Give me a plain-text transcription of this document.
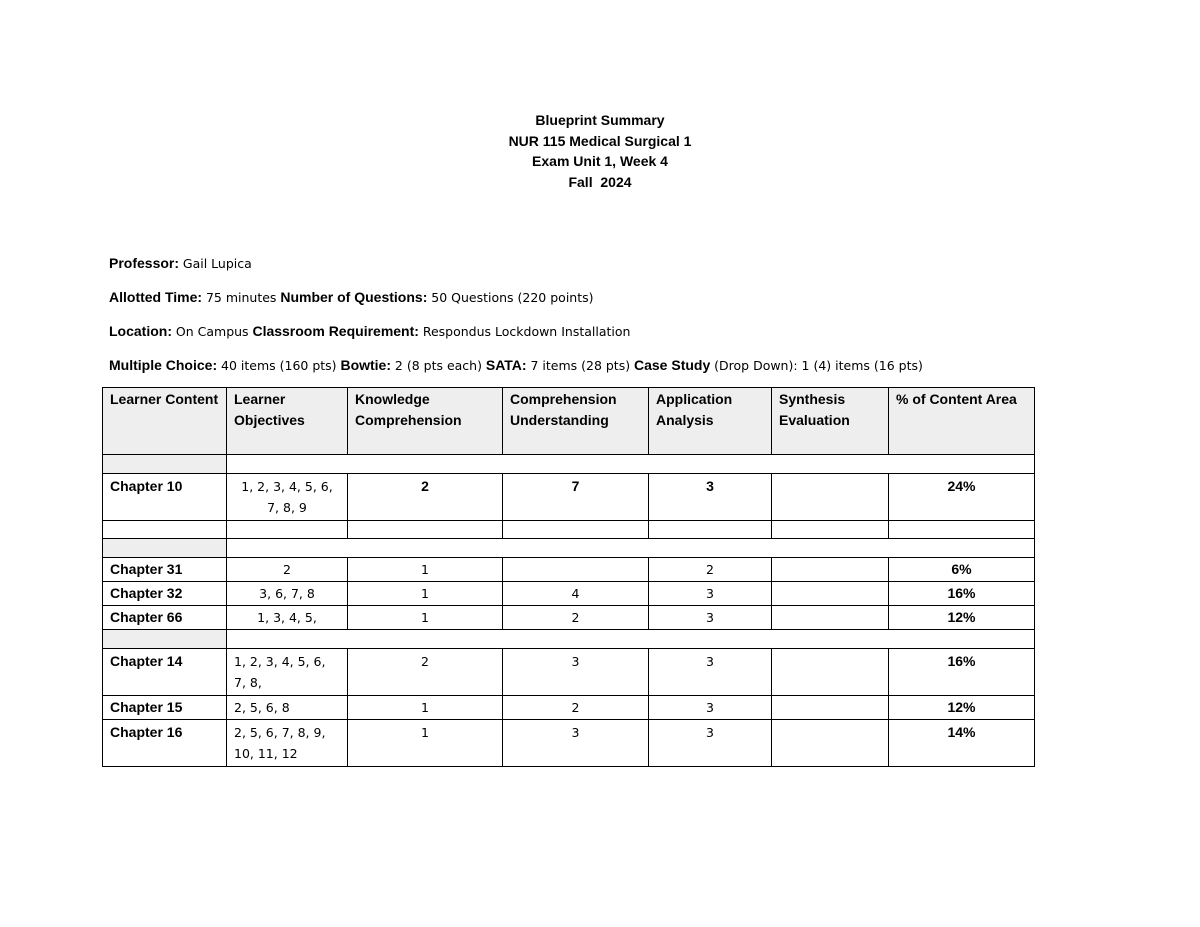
Blueprint Summary
NUR 115 Medical Surgical 1
Exam Unit 1, Week 4
Fall  2024
Professor: Gail Lupica
Allotted Time: 75 minutes Number of Questions: 50 Questions (220 points)
Location: On Campus Classroom Requirement: Respondus Lockdown Installation
Multiple Choice: 40 items (160 pts) Bowtie: 2 (8 pts each) SATA: 7 items (28 pts) Case Study (Drop Down): 1 (4) items (16 pts)
Learner Content	Learner Objectives	Knowledge Comprehension	Comprehension Understanding	Application Analysis	Synthesis Evaluation	% of Content Area

Chapter 10	1, 2, 3, 4, 5, 6, 7, 8, 9	2	7	3		24%

Chapter 31	2	1		2		6%
Chapter 32	3, 6, 7, 8	1	4	3		16%
Chapter 66	1, 3, 4, 5,	1	2	3		12%

Chapter 14	1, 2, 3, 4, 5, 6, 7, 8,	2	3	3		16%
Chapter 15	2, 5, 6, 8	1	2	3		12%
Chapter 16	2, 5, 6, 7, 8, 9, 10, 11, 12	1	3	3		14%
